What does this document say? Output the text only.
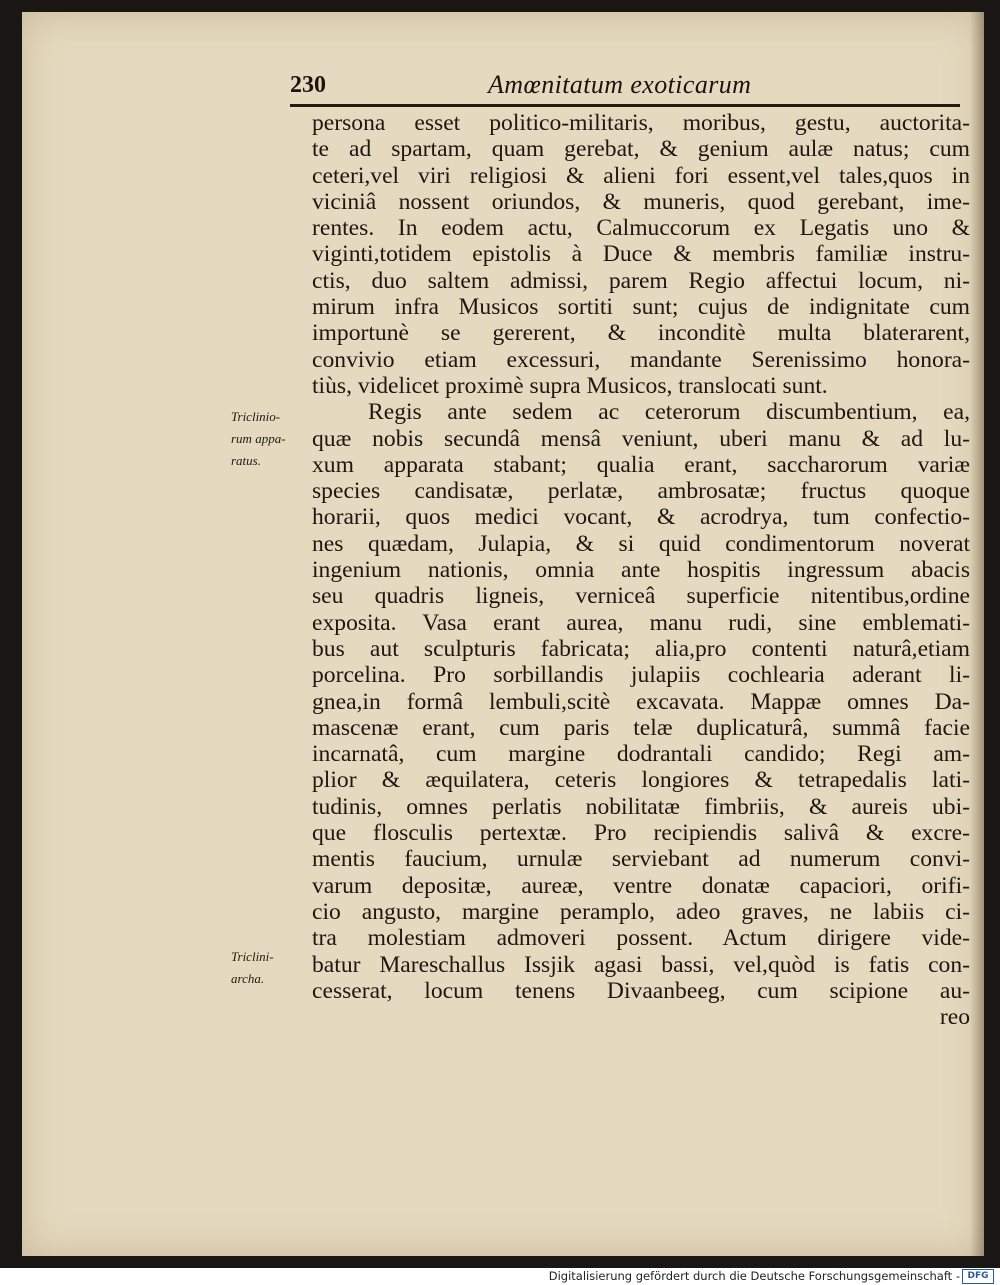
230	Amœnitatum exoticarum
Triclinio-
rum appa-
ratus.
Triclini-
archa.
persona esset politico-militaris, moribus, gestu, auctorita-
te ad spartam, quam gerebat, & genium aulæ natus; cum
ceteri,vel viri religiosi & alieni fori essent,vel tales,quos in
viciniâ nossent oriundos, & muneris, quod gerebant, ime-
rentes. In eodem actu, Calmuccorum ex Legatis uno &
viginti,totidem epistolis à Duce & membris familiæ instru-
ctis, duo saltem admissi, parem Regio affectui locum, ni-
mirum infra Musicos sortiti sunt; cujus de indignitate cum
importunè se gererent, & inconditè multa blaterarent,
convivio etiam excessuri, mandante Serenissimo honora-
tiùs, videlicet proximè supra Musicos, translocati sunt.
Regis ante sedem ac ceterorum discumbentium, ea,
quæ nobis secundâ mensâ veniunt, uberi manu & ad lu-
xum apparata stabant; qualia erant, saccharorum variæ
species candisatæ, perlatæ, ambrosatæ; fructus quoque
horarii, quos medici vocant, & acrodrya, tum confectio-
nes quædam, Julapia, & si quid condimentorum noverat
ingenium nationis, omnia ante hospitis ingressum abacis
seu quadris ligneis, verniceâ superficie nitentibus,ordine
exposita. Vasa erant aurea, manu rudi, sine emblemati-
bus aut sculpturis fabricata; alia,pro contenti naturâ,etiam
porcelina. Pro sorbillandis julapiis cochlearia aderant li-
gnea,in formâ lembuli,scitè excavata. Mappæ omnes Da-
mascenæ erant, cum paris telæ duplicaturâ, summâ facie
incarnatâ, cum margine dodrantali candido; Regi am-
plior & æquilatera, ceteris longiores & tetrapedalis lati-
tudinis, omnes perlatis nobilitatæ fimbriis, & aureis ubi-
que flosculis pertextæ. Pro recipiendis salivâ & excre-
mentis faucium, urnulæ serviebant ad numerum convi-
varum depositæ, aureæ, ventre donatæ capaciori, orifi-
cio angusto, margine peramplo, adeo graves, ne labiis ci-
tra molestiam admoveri possent. Actum dirigere vide-
batur Mareschallus Issjik agasi bassi, vel,quòd is fatis con-
cesserat, locum tenens Divaanbeeg, cum scipione au-
reo
Digitalisierung gefördert durch die Deutsche Forschungsgemeinschaft - DFG
